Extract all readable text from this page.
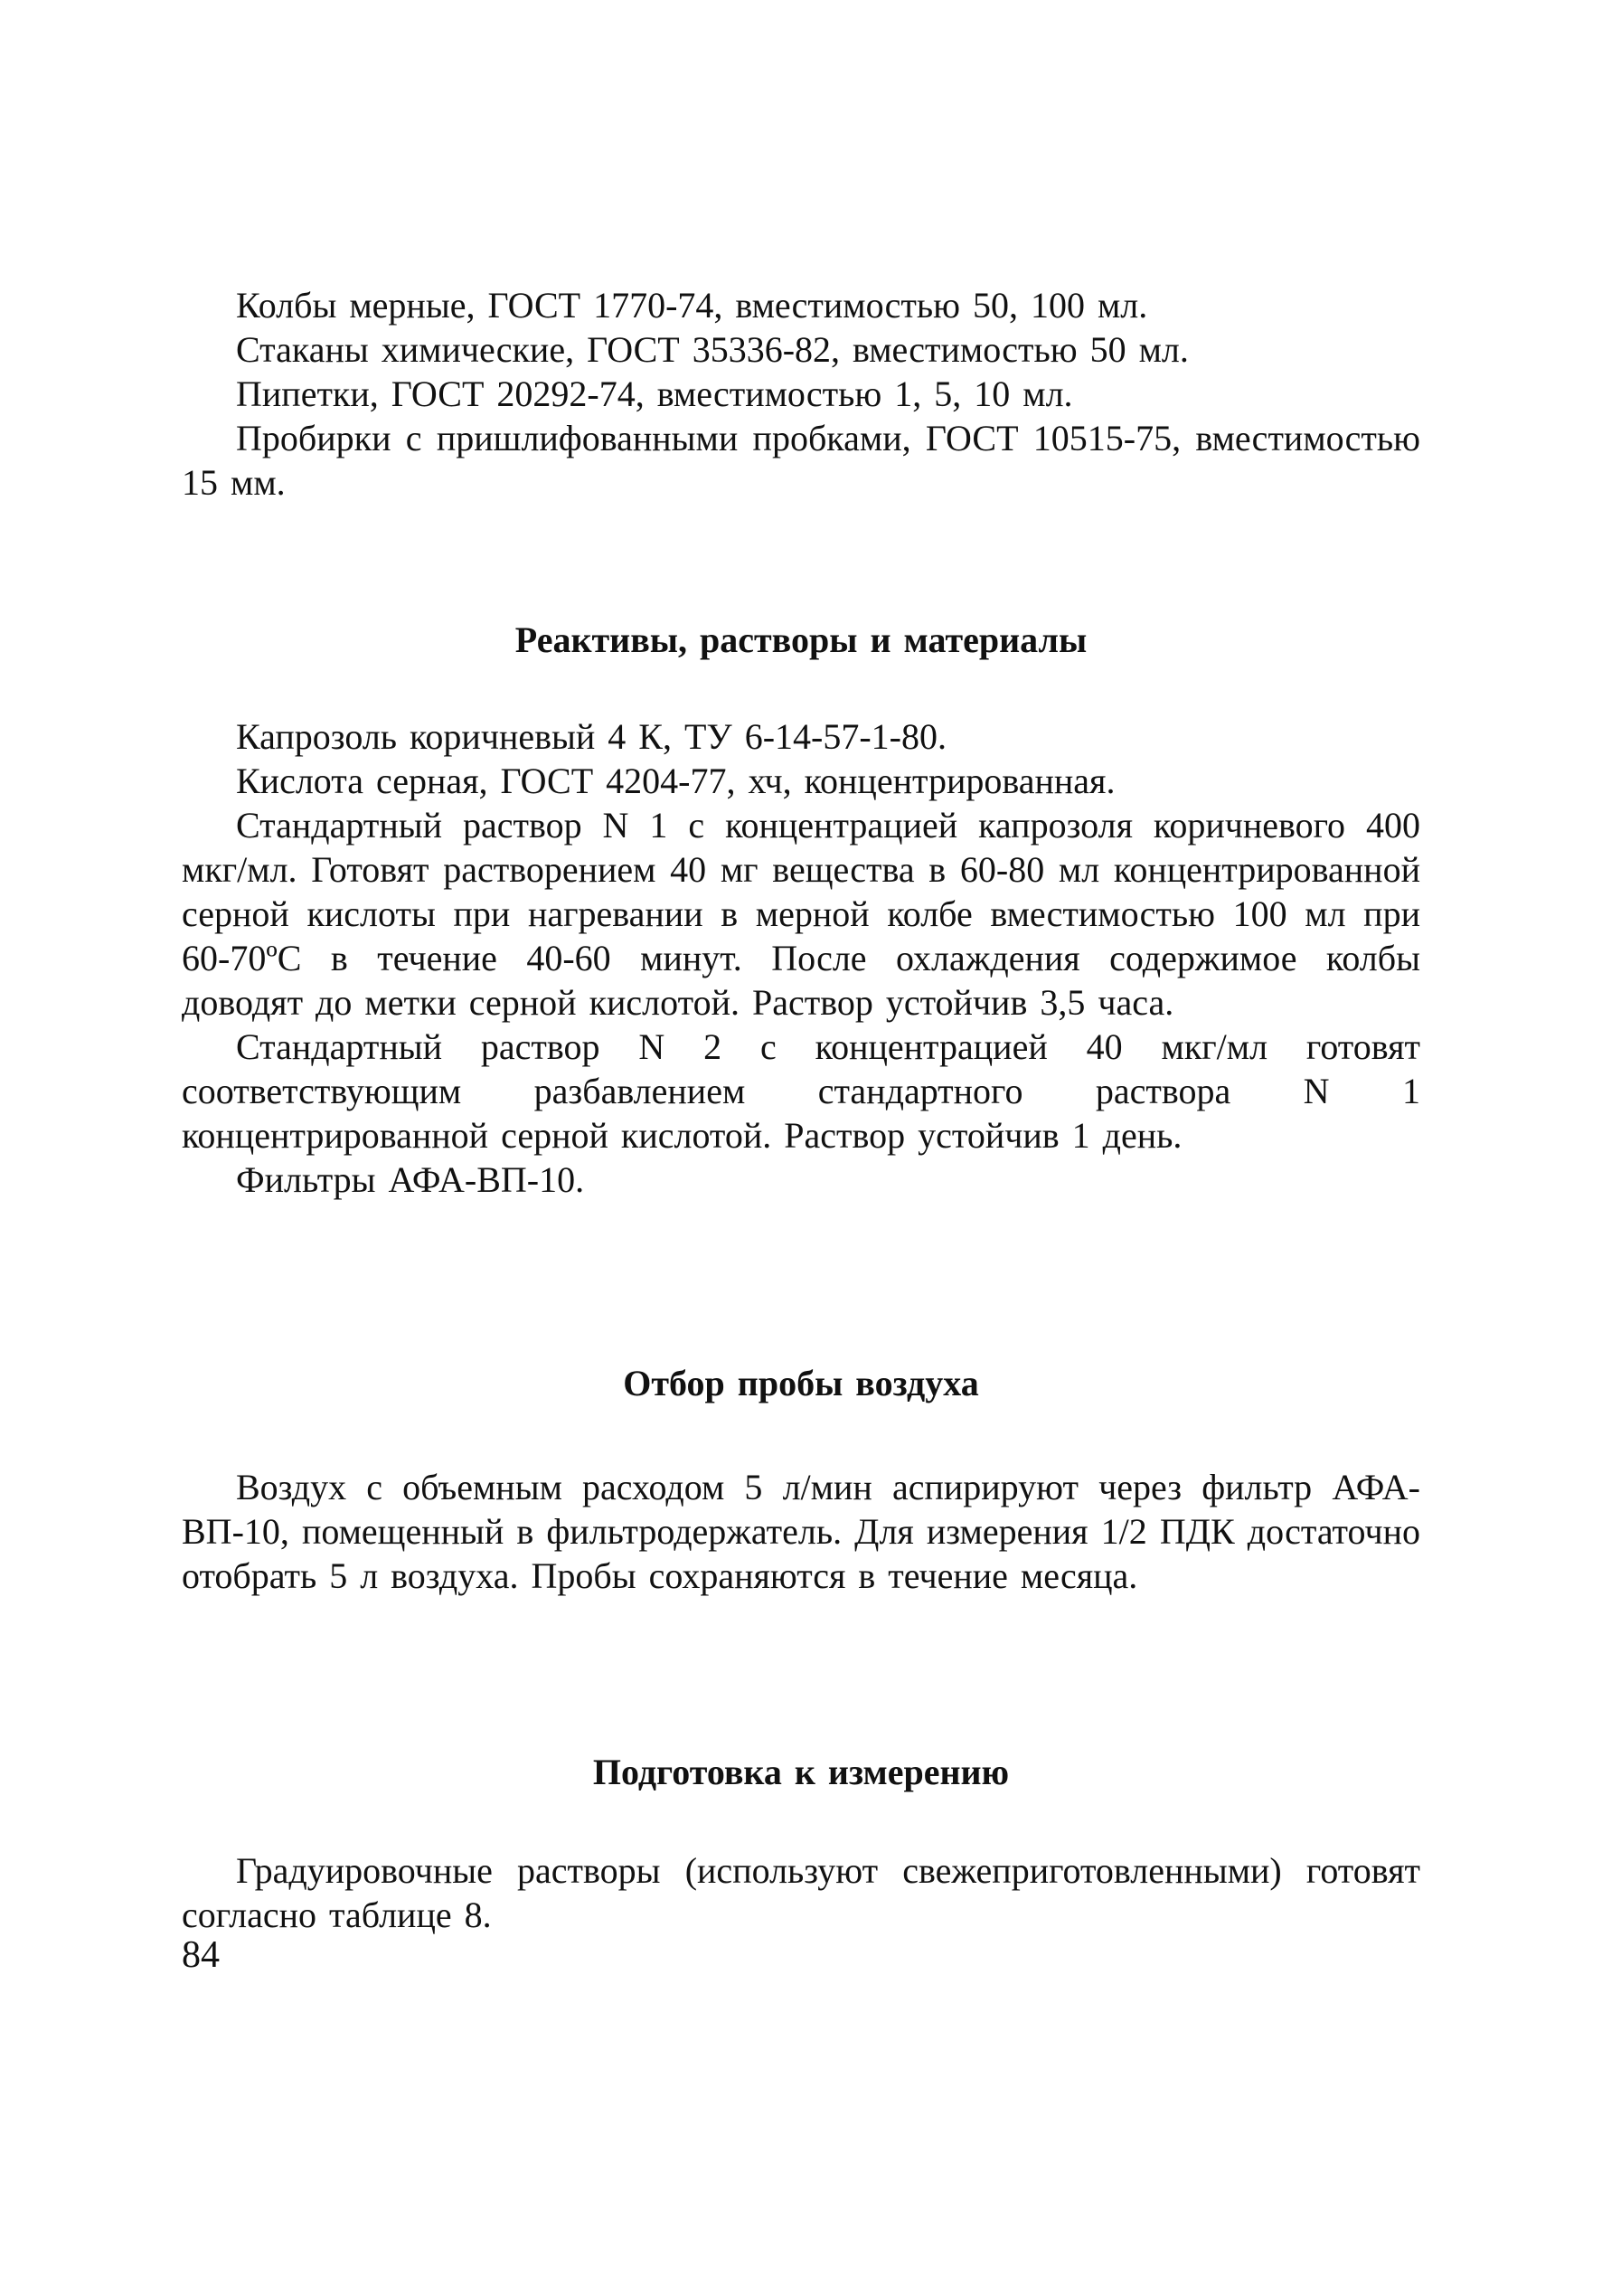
Колбы мерные, ГОСТ 1770-74, вместимостью 50, 100 мл.

Стаканы химические, ГОСТ 35336-82, вместимостью 50 мл.

Пипетки, ГОСТ 20292-74, вместимостью 1, 5, 10 мл.

Пробирки с пришлифованными пробками, ГОСТ 10515-75, вместимостью 15 мм.

Реактивы, растворы и материалы

Капрозоль коричневый 4 К, ТУ 6-14-57-1-80.

Кислота серная, ГОСТ 4204-77, хч, концентрированная.

Стандартный раствор N 1 с концентрацией капрозоля коричневого 400 мкг/мл. Готовят растворением 40 мг вещества в 60-80 мл концентрированной серной кислоты при нагревании в мерной колбе вместимостью 100 мл при 60-70ºС в течение 40-60 минут. После охлаждения содержимое колбы доводят до метки серной кислотой. Раствор устойчив 3,5 часа.

Стандартный раствор N 2 с концентрацией 40 мкг/мл готовят соответствующим разбавлением стандартного раствора N 1 концентрированной серной кислотой. Раствор устойчив 1 день.

Фильтры АФА-ВП-10.

Отбор пробы воздуха

Воздух с объемным расходом 5 л/мин аспирируют через фильтр АФА-ВП-10, помещенный в фильтродержатель. Для измерения 1/2 ПДК достаточно отобрать 5 л воздуха. Пробы сохраняются в течение месяца.

Подготовка к измерению

Градуировочные растворы (используют свежеприготовленными) готовят согласно таблице 8.

84
